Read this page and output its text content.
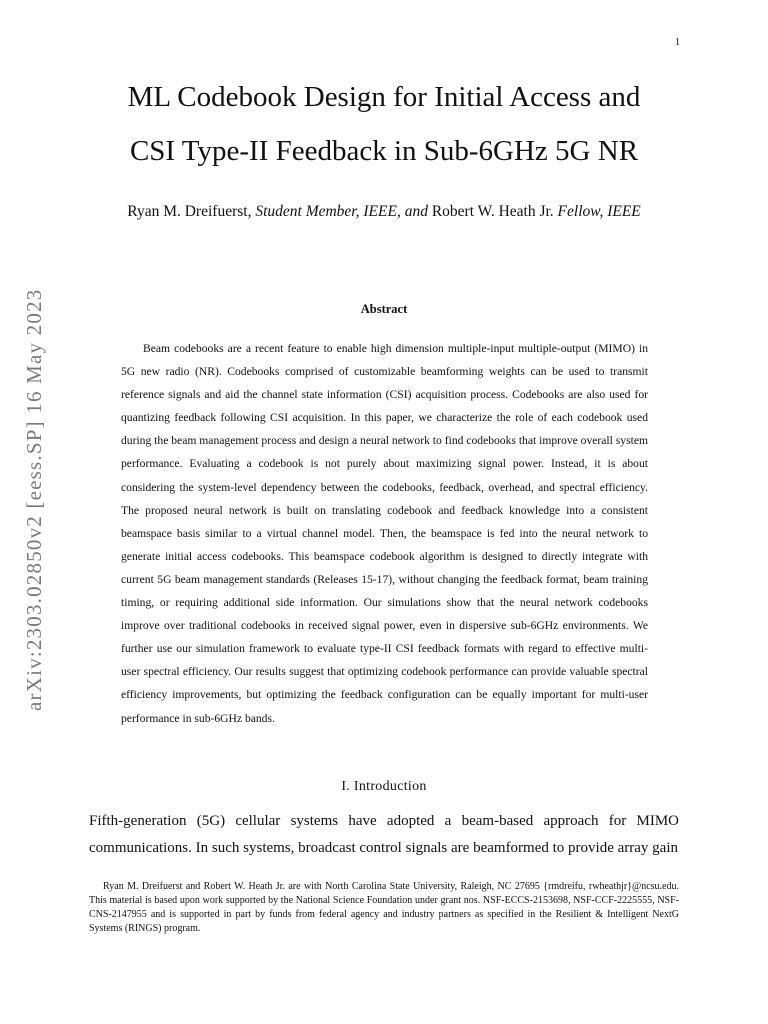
1
arXiv:2303.02850v2 [eess.SP] 16 May 2023
ML Codebook Design for Initial Access and
CSI Type-II Feedback in Sub-6GHz 5G NR
Ryan M. Dreifuerst, Student Member, IEEE, and Robert W. Heath Jr. Fellow, IEEE
Abstract

Beam codebooks are a recent feature to enable high dimension multiple-input multiple-output (MIMO) in 5G new radio (NR). Codebooks comprised of customizable beamforming weights can be used to transmit reference signals and aid the channel state information (CSI) acquisition process. Codebooks are also used for quantizing feedback following CSI acquisition. In this paper, we characterize the role of each codebook used during the beam management process and design a neural network to find codebooks that improve overall system performance. Evaluating a codebook is not purely about maximizing signal power. Instead, it is about considering the system-level dependency between the codebooks, feedback, overhead, and spectral efficiency. The proposed neural network is built on translating codebook and feedback knowledge into a consistent beamspace basis similar to a virtual channel model. Then, the beamspace is fed into the neural network to generate initial access codebooks. This beamspace codebook algorithm is designed to directly integrate with current 5G beam management standards (Releases 15-17), without changing the feedback format, beam training timing, or requiring additional side information. Our simulations show that the neural network codebooks improve over traditional codebooks in received signal power, even in dispersive sub-6GHz environments. We further use our simulation framework to evaluate type-II CSI feedback formats with regard to effective multi-user spectral efficiency. Our results suggest that optimizing codebook performance can provide valuable spectral efficiency improvements, but optimizing the feedback configuration can be equally important for multi-user performance in sub-6GHz bands.

I. Introduction

Fifth-generation (5G) cellular systems have adopted a beam-based approach for MIMO communications. In such systems, broadcast control signals are beamformed to provide array gain

Ryan M. Dreifuerst and Robert W. Heath Jr. are with North Carolina State University, Raleigh, NC 27695 {rmdreifu, rwheathjr}@ncsu.edu. This material is based upon work supported by the National Science Foundation under grant nos. NSF-ECCS-2153698, NSF-CCF-2225555, NSF-CNS-2147955 and is supported in part by funds from federal agency and industry partners as specified in the Resilient & Intelligent NextG Systems (RINGS) program.
